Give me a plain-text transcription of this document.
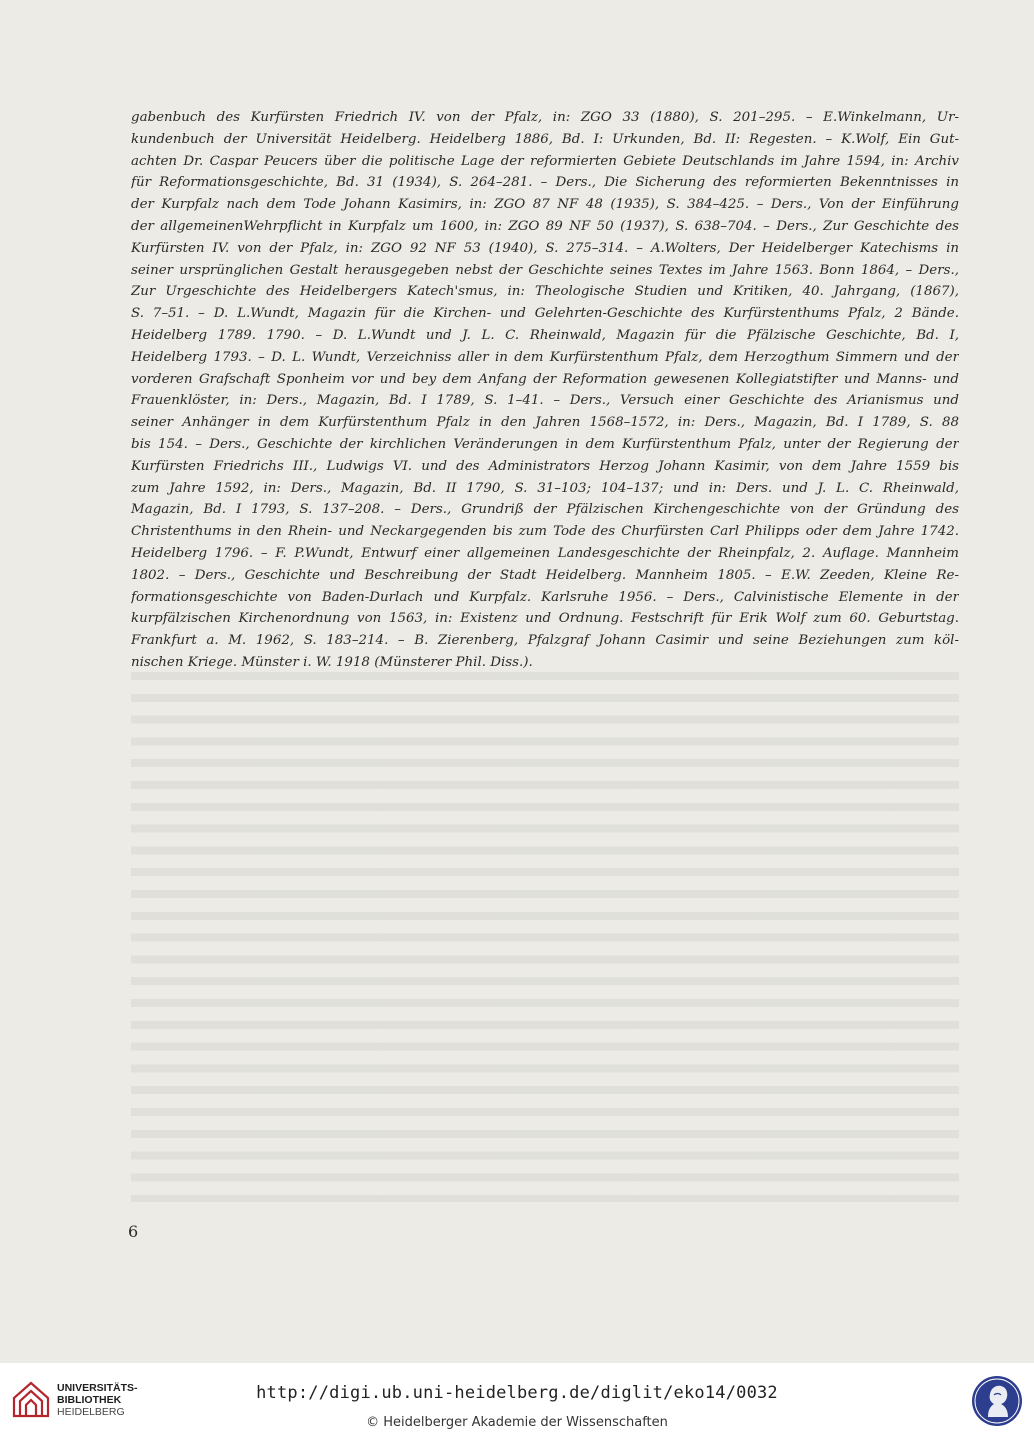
gabenbuch des Kurfürsten Friedrich IV. von der Pfalz, in: ZGO 33 (1880), S. 201–295. – E.Winkelmann, Ur-
kundenbuch der Universität Heidelberg. Heidelberg 1886, Bd. I: Urkunden, Bd. II: Regesten. – K.Wolf, Ein Gut-
achten Dr. Caspar Peucers über die politische Lage der reformierten Gebiete Deutschlands im Jahre 1594, in: Archiv
für Reformationsgeschichte, Bd. 31 (1934), S. 264–281. – Ders., Die Sicherung des reformierten Bekenntnisses in
der Kurpfalz nach dem Tode Johann Kasimirs, in: ZGO 87 NF 48 (1935), S. 384–425. – Ders., Von der Einführung
der allgemeinenWehrpflicht in Kurpfalz um 1600, in: ZGO 89 NF 50 (1937), S. 638–704. – Ders., Zur Geschichte des
Kurfürsten IV. von der Pfalz, in: ZGO 92 NF 53 (1940), S. 275–314. – A.Wolters, Der Heidelberger Katechisms in
seiner ursprünglichen Gestalt herausgegeben nebst der Geschichte seines Textes im Jahre 1563. Bonn 1864, – Ders.,
Zur Urgeschichte des Heidelbergers Katech'smus, in: Theologische Studien und Kritiken, 40. Jahrgang, (1867),
S. 7–51. – D. L.Wundt, Magazin für die Kirchen- und Gelehrten-Geschichte des Kurfürstenthums Pfalz, 2 Bände.
Heidelberg 1789. 1790. – D. L.Wundt und J. L. C. Rheinwald, Magazin für die Pfälzische Geschichte, Bd. I,
Heidelberg 1793. – D. L. Wundt, Verzeichniss aller in dem Kurfürstenthum Pfalz, dem Herzogthum Simmern und der
vorderen Grafschaft Sponheim vor und bey dem Anfang der Reformation gewesenen Kollegiatstifter und Manns- und
Frauenklöster, in: Ders., Magazin, Bd. I 1789, S. 1–41. – Ders., Versuch einer Geschichte des Arianismus und
seiner Anhänger in dem Kurfürstenthum Pfalz in den Jahren 1568–1572, in: Ders., Magazin, Bd. I 1789, S. 88
bis 154. – Ders., Geschichte der kirchlichen Veränderungen in dem Kurfürstenthum Pfalz, unter der Regierung der
Kurfürsten Friedrichs III., Ludwigs VI. und des Administrators Herzog Johann Kasimir, von dem Jahre 1559 bis
zum Jahre 1592, in: Ders., Magazin, Bd. II 1790, S. 31–103; 104–137; und in: Ders. und J. L. C. Rheinwald,
Magazin, Bd. I 1793, S. 137–208. – Ders., Grundriß der Pfälzischen Kirchengeschichte von der Gründung des
Christenthums in den Rhein- und Neckargegenden bis zum Tode des Churfürsten Carl Philipps oder dem Jahre 1742.
Heidelberg 1796. – F. P.Wundt, Entwurf einer allgemeinen Landesgeschichte der Rheinpfalz, 2. Auflage. Mannheim
1802. – Ders., Geschichte und Beschreibung der Stadt Heidelberg. Mannheim 1805. – E.W. Zeeden, Kleine Re-
formationsgeschichte von Baden-Durlach und Kurpfalz. Karlsruhe 1956. – Ders., Calvinistische Elemente in der
kurpfälzischen Kirchenordnung von 1563, in: Existenz und Ordnung. Festschrift für Erik Wolf zum 60. Geburtstag.
Frankfurt a. M. 1962, S. 183–214. – B. Zierenberg, Pfalzgraf Johann Casimir und seine Beziehungen zum köl-
nischen Kriege. Münster i. W. 1918 (Münsterer Phil. Diss.).
6
UNIVERSITÄTS-
BIBLIOTHEK
HEIDELBERG
http://digi.ub.uni-heidelberg.de/diglit/eko14/0032
© Heidelberger Akademie der Wissenschaften
